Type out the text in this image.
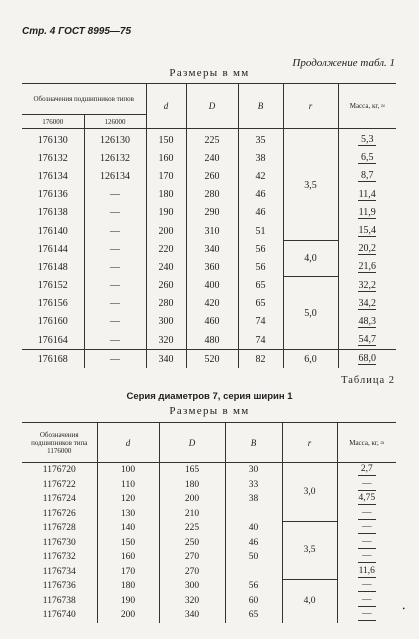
Стр. 4 ГОСТ 8995—75
Продолжение табл. 1
Размеры в мм
Обозначения подшипников типов		d	D	B	r	Масса, кг, ≈
176000	126000					
176130	126130	150	225	35	3,5	5,3
176132	126132	160	240	38		6,5
176134	126134	170	260	42		8,7
176136	—	180	280	46		11,4
176138	—	190	290	46		11,9
176140	—	200	310	51		15,4
176144	—	220	340	56	4,0	20,2
176148	—	240	360	56		21,6
176152	—	260	400	65	5,0	32,2
176156	—	280	420	65		34,2
176160	—	300	460	74		48,3
176164	—	320	480	74		54,7
176168	—	340	520	82	6,0	68,0
Таблица 2
Серия диаметров 7, серия ширин 1
Размеры в мм
Обозначения подшипников типа 1176000	d	D	B	r	Масса, кг, ≈
1176720	100	165	30	3,0	2,7
1176722	110	180	33		—
1176724	120	200	38		4,75
1176726	130	210			—
1176728	140	225	40	3,5	—
1176730	150	250	46		—
1176732	160	270	50		—
1176734	170	270			11,6
1176736	180	300	56	4,0	—
1176738	190	320	60		—
1176740	200	340	65		—
•
